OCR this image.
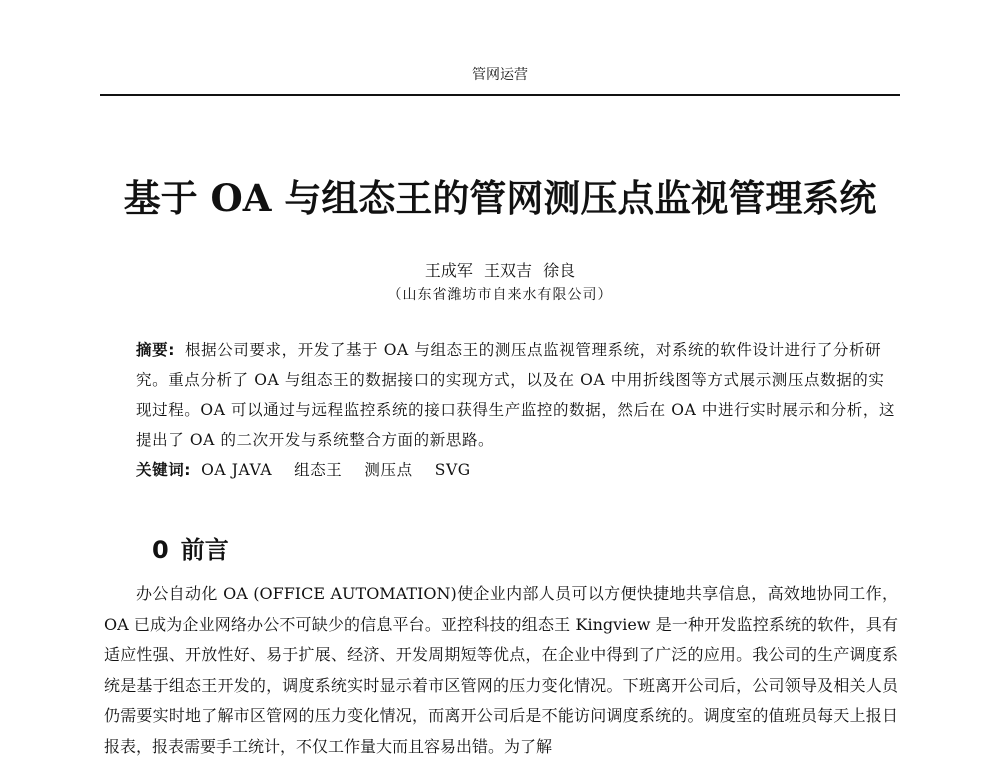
管网运营
基于 OA 与组态王的管网测压点监视管理系统
王成军 王双吉 徐良
（山东省潍坊市自来水有限公司）

摘要: 根据公司要求，开发了基于 OA 与组态王的测压点监视管理系统，对系统的软件设计进行了分析研究。重点分析了 OA 与组态王的数据接口的实现方式，以及在 OA 中用折线图等方式展示测压点数据的实现过程。OA 可以通过与远程监控系统的接口获得生产监控的数据，然后在 OA 中进行实时展示和分析，这提出了 OA 的二次开发与系统整合方面的新思路。

关键词: OA JAVA 组态王 测压点 SVG

0 前言

办公自动化 OA (OFFICE AUTOMATION)使企业内部人员可以方便快捷地共享信息，高效地协同工作，OA 已成为企业网络办公不可缺少的信息平台。亚控科技的组态王 Kingview 是一种开发监控系统的软件，具有适应性强、开放性好、易于扩展、经济、开发周期短等优点，在企业中得到了广泛的应用。我公司的生产调度系统是基于组态王开发的，调度系统实时显示着市区管网的压力变化情况。下班离开公司后，公司领导及相关人员仍需要实时地了解市区管网的压力变化情况，而离开公司后是不能访问调度系统的。调度室的值班员每天上报日报表，报表需要手工统计，不仅工作量大而且容易出错。为了解
